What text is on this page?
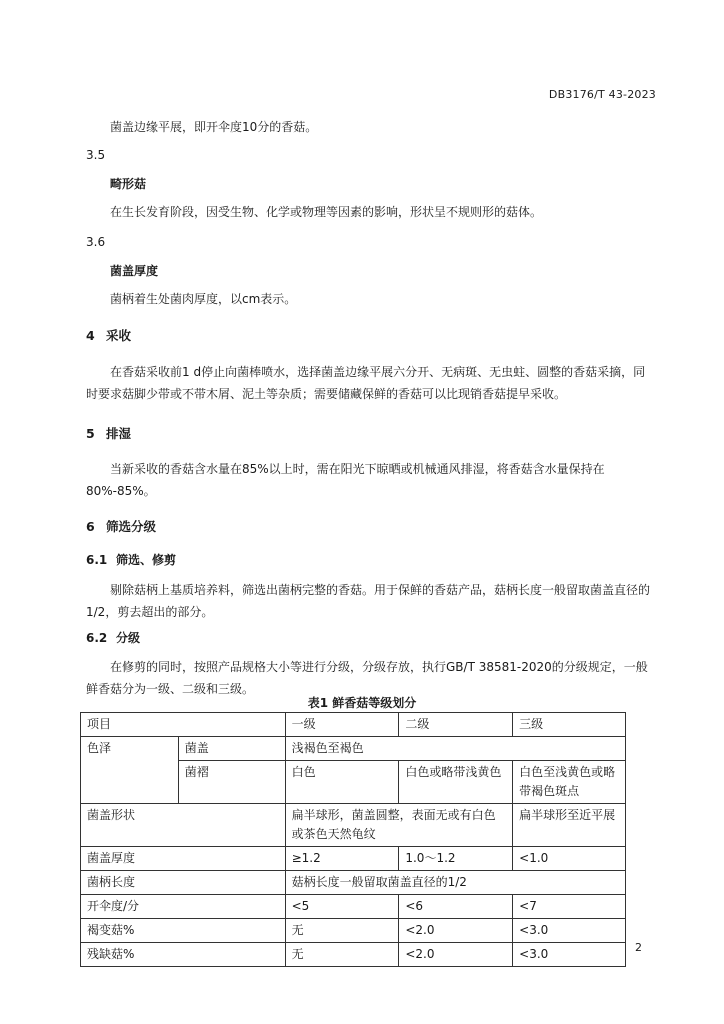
DB3176/T 43-2023
菌盖边缘平展，即开伞度10分的香菇。
3.5
畸形菇
在生长发育阶段，因受生物、化学或物理等因素的影响，形状呈不规则形的菇体。
3.6
菌盖厚度
菌柄着生处菌肉厚度，以cm表示。
4 采收
在香菇采收前1 d停止向菌棒喷水，选择菌盖边缘平展六分开、无病斑、无虫蛀、圆整的香菇采摘，同时要求菇脚少带或不带木屑、泥土等杂质；需要储藏保鲜的香菇可以比现销香菇提早采收。
5 排湿
当新采收的香菇含水量在85%以上时，需在阳光下晾晒或机械通风排湿，将香菇含水量保持在80%-85%。
6 筛选分级
6.1 筛选、修剪
剔除菇柄上基质培养料，筛选出菌柄完整的香菇。用于保鲜的香菇产品，菇柄长度一般留取菌盖直径的1/2，剪去超出的部分。
6.2 分级
在修剪的同时，按照产品规格大小等进行分级，分级存放，执行GB/T 38581-2020的分级规定，一般鲜香菇分为一级、二级和三级。
表1 鲜香菇等级划分
项目		一级	二级	三级
色泽	菌盖	浅褐色至褐色		
	菌褶	白色	白色或略带浅黄色	白色至浅黄色或略带褐色斑点
菌盖形状		扁半球形，菌盖圆整，表面无或有白色或茶色天然龟纹		扁半球形至近平展
菌盖厚度		≥1.2	1.0～1.2	<1.0
菌柄长度		菇柄长度一般留取菌盖直径的1/2		
开伞度/分		<5	<6	<7
褐变菇%		无	<2.0	<3.0
残缺菇%		无	<2.0	<3.0	2
